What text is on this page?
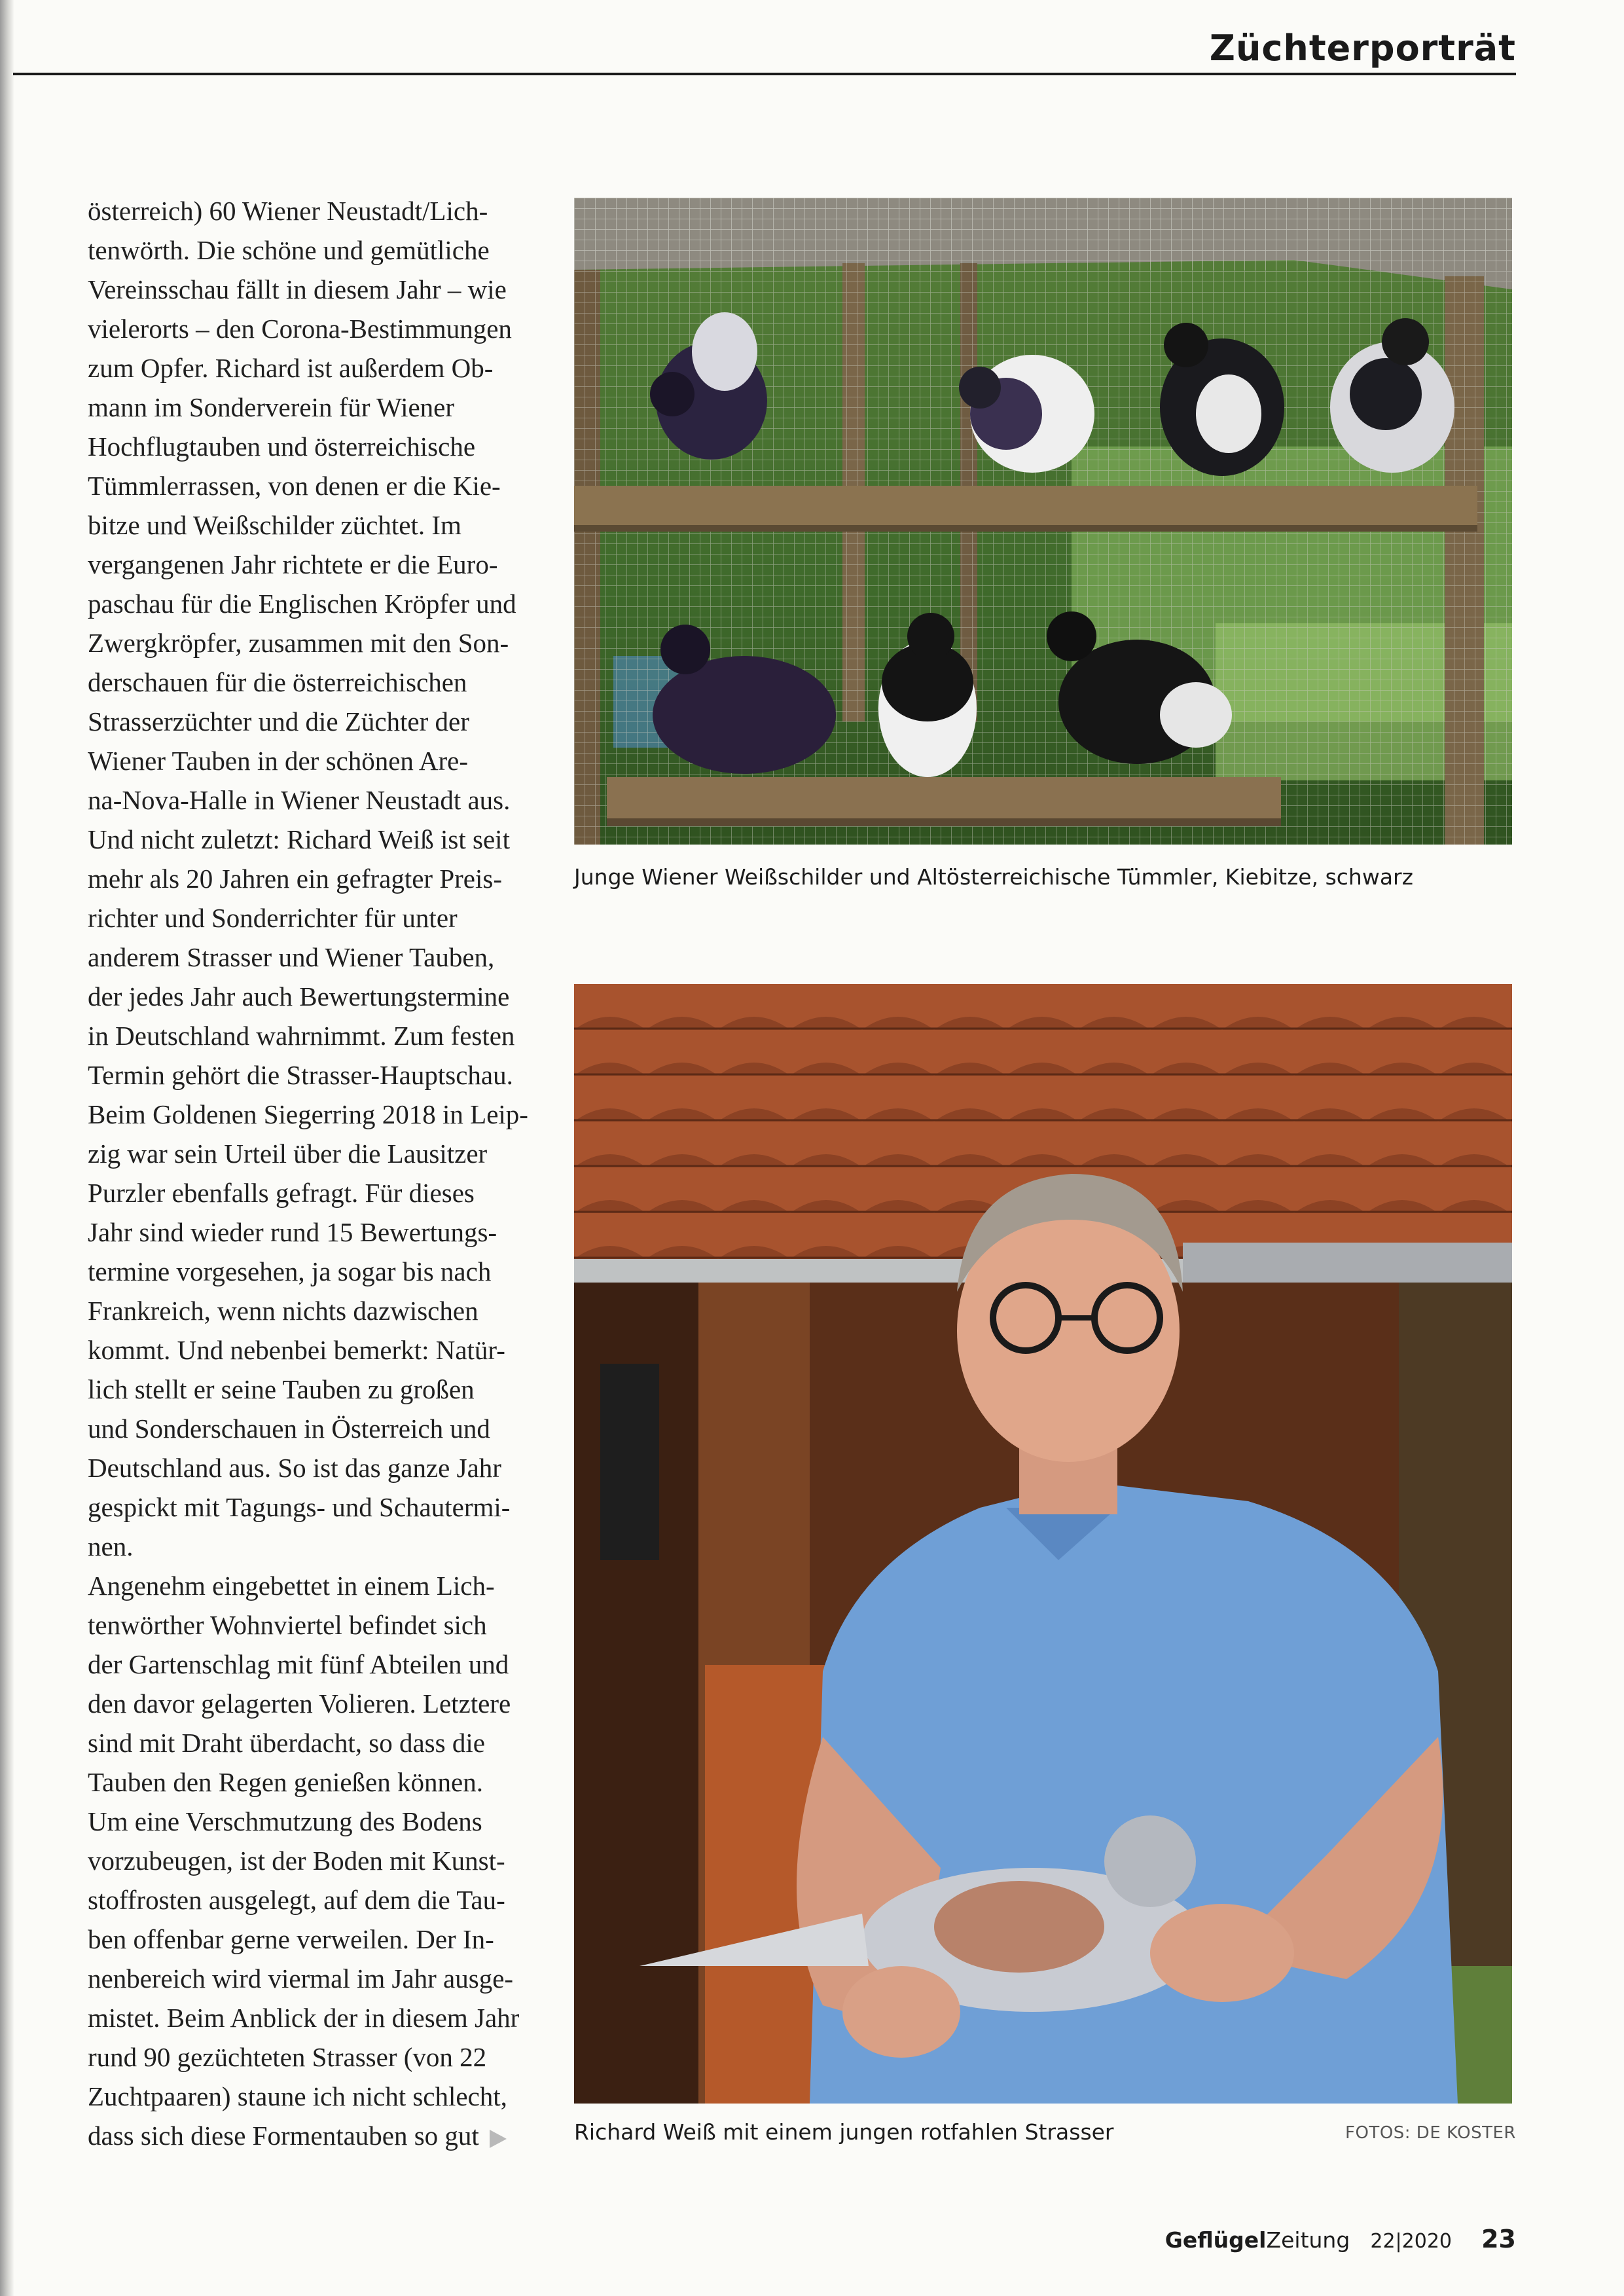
Züchterporträt
österreich) 60 Wiener Neustadt/Lich-
tenwörth. Die schöne und gemütliche
Vereinsschau fällt in diesem Jahr – wie
vielerorts – den Corona-Bestimmungen
zum Opfer. Richard ist außerdem Ob-
mann im Sonderverein für Wiener
Hochflugtauben und österreichische
Tümmlerrassen, von denen er die Kie-
bitze und Weißschilder züchtet. Im
vergangenen Jahr richtete er die Euro-
paschau für die Englischen Kröpfer und
Zwergkröpfer, zusammen mit den Son-
derschauen für die österreichischen
Strasserzüchter und die Züchter der
Wiener Tauben in der schönen Are-
na-Nova-Halle in Wiener Neustadt aus.
Und nicht zuletzt: Richard Weiß ist seit
mehr als 20 Jahren ein gefragter Preis-
richter und Sonderrichter für unter
anderem Strasser und Wiener Tauben,
der jedes Jahr auch Bewertungstermine
in Deutschland wahrnimmt. Zum festen
Termin gehört die Strasser-Hauptschau.
Beim Goldenen Siegerring 2018 in Leip-
zig war sein Urteil über die Lausitzer
Purzler ebenfalls gefragt. Für dieses
Jahr sind wieder rund 15 Bewertungs-
termine vorgesehen, ja sogar bis nach
Frankreich, wenn nichts dazwischen
kommt. Und nebenbei bemerkt: Natür-
lich stellt er seine Tauben zu großen
und Sonderschauen in Österreich und
Deutschland aus. So ist das ganze Jahr
gespickt mit Tagungs- und Schautermi-
nen.
Angenehm eingebettet in einem Lich-
tenwörther Wohnviertel befindet sich
der Gartenschlag mit fünf Abteilen und
den davor gelagerten Volieren. Letztere
sind mit Draht überdacht, so dass die
Tauben den Regen genießen können.
Um eine Verschmutzung des Bodens
vorzubeugen, ist der Boden mit Kunst-
stoffrosten ausgelegt, auf dem die Tau-
ben offenbar gerne verweilen. Der In-
nenbereich wird viermal im Jahr ausge-
mistet. Beim Anblick der in diesem Jahr
rund 90 gezüchteten Strasser (von 22
Zuchtpaaren) staune ich nicht schlecht,
dass sich diese Formentauben so gut
Junge Wiener Weißschilder und Altösterreichische Tümmler, Kiebitze, schwarz
Richard Weiß mit einem jungen rotfahlen Strasser	FOTOS: DE KOSTER
GeflügelZeitung 22|2020 23
